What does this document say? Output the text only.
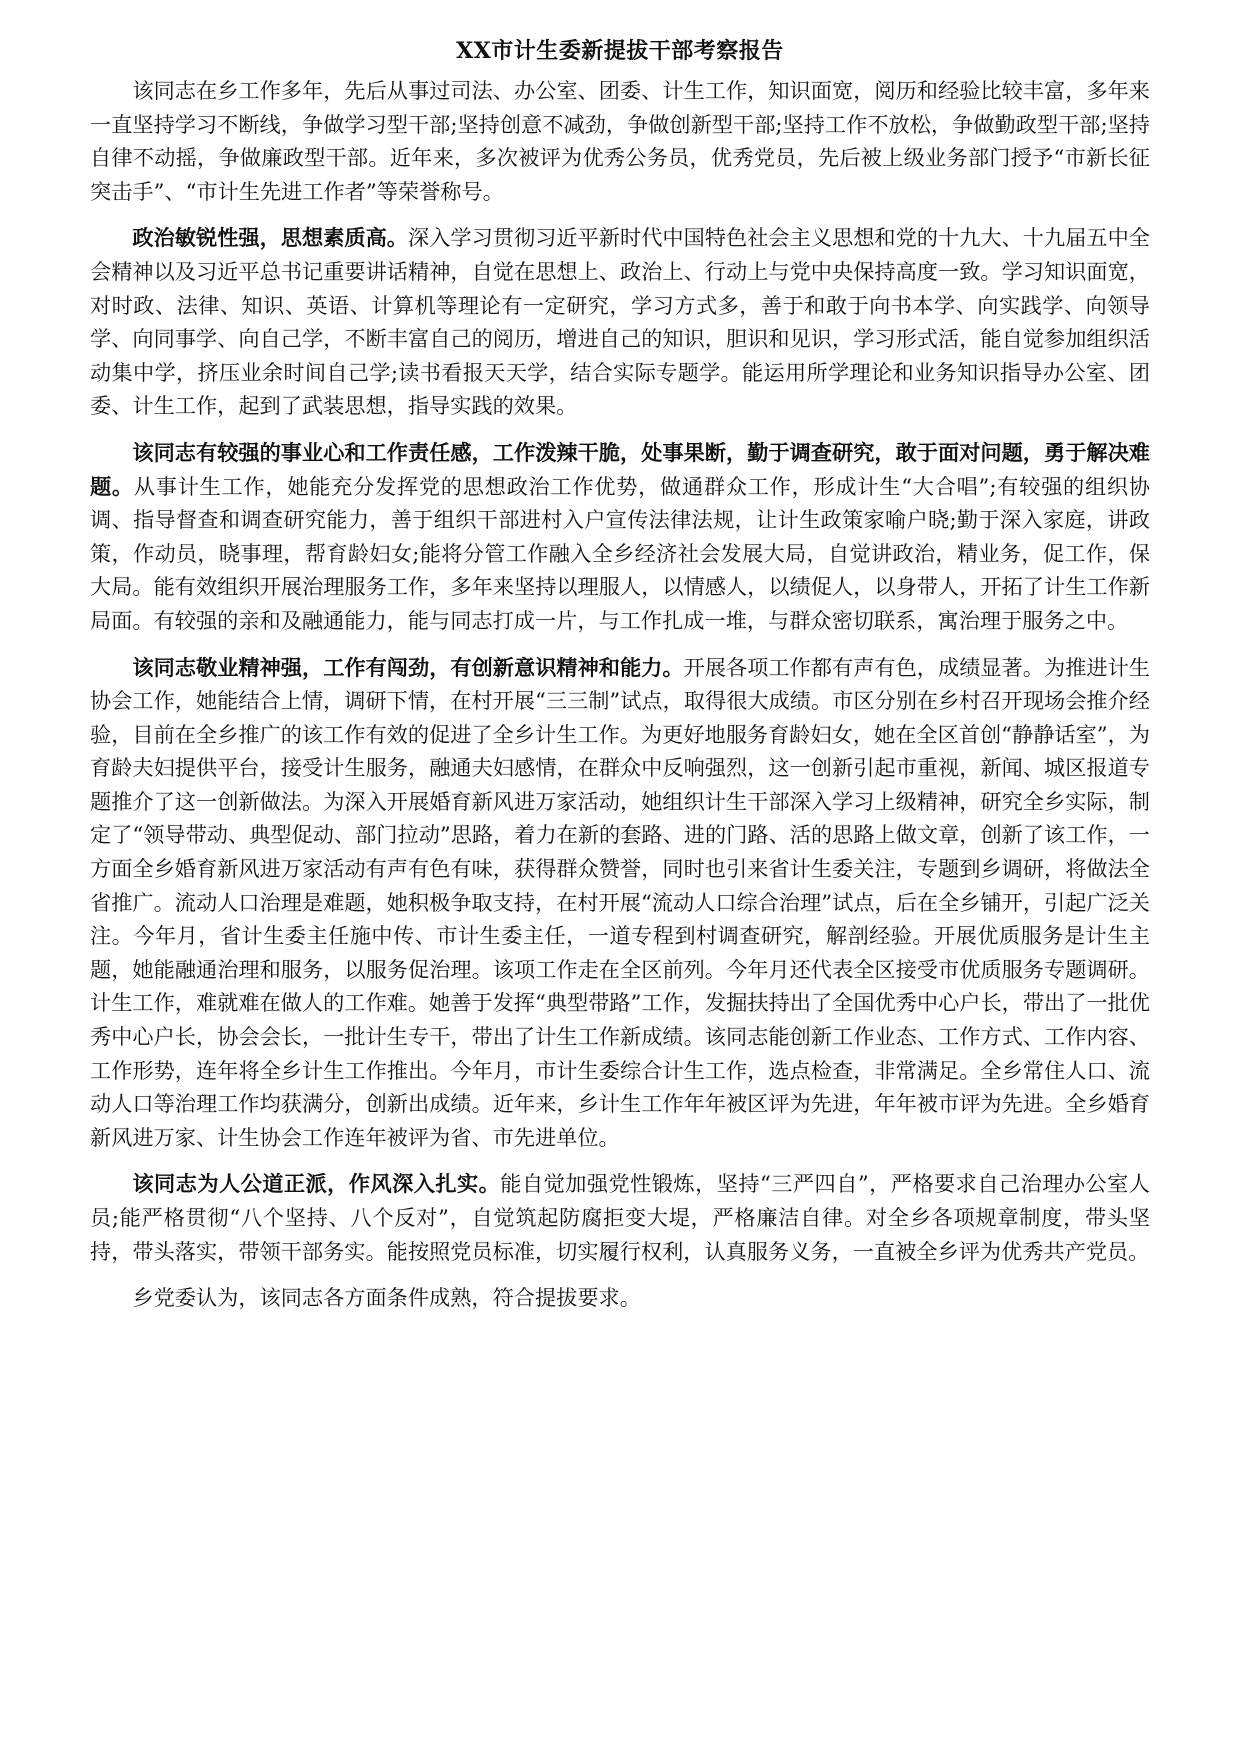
XX市计生委新提拔干部考察报告

该同志在乡工作多年，先后从事过司法、办公室、团委、计生工作，知识面宽，阅历和经验比较丰富，多年来一直坚持学习不断线，争做学习型干部;坚持创意不减劲，争做创新型干部;坚持工作不放松，争做勤政型干部;坚持自律不动摇，争做廉政型干部。近年来，多次被评为优秀公务员，优秀党员，先后被上级业务部门授予“市新长征突击手”、“市计生先进工作者”等荣誉称号。

政治敏锐性强，思想素质高。深入学习贯彻习近平新时代中国特色社会主义思想和党的十九大、十九届五中全会精神以及习近平总书记重要讲话精神，自觉在思想上、政治上、行动上与党中央保持高度一致。学习知识面宽，对时政、法律、知识、英语、计算机等理论有一定研究，学习方式多，善于和敢于向书本学、向实践学、向领导学、向同事学、向自己学，不断丰富自己的阅历，增进自己的知识，胆识和见识，学习形式活，能自觉参加组织活动集中学，挤压业余时间自己学;读书看报天天学，结合实际专题学。能运用所学理论和业务知识指导办公室、团委、计生工作，起到了武装思想，指导实践的效果。

该同志有较强的事业心和工作责任感，工作泼辣干脆，处事果断，勤于调查研究，敢于面对问题，勇于解决难题。从事计生工作，她能充分发挥党的思想政治工作优势，做通群众工作，形成计生“大合唱”;有较强的组织协调、指导督查和调查研究能力，善于组织干部进村入户宣传法律法规，让计生政策家喻户晓;勤于深入家庭，讲政策，作动员，晓事理，帮育龄妇女;能将分管工作融入全乡经济社会发展大局，自觉讲政治，精业务，促工作，保大局。能有效组织开展治理服务工作，多年来坚持以理服人，以情感人，以绩促人，以身带人，开拓了计生工作新局面。有较强的亲和及融通能力，能与同志打成一片，与工作扎成一堆，与群众密切联系，寓治理于服务之中。

该同志敬业精神强，工作有闯劲，有创新意识精神和能力。开展各项工作都有声有色，成绩显著。为推进计生协会工作，她能结合上情，调研下情，在村开展“三三制”试点，取得很大成绩。市区分别在乡村召开现场会推介经验，目前在全乡推广的该工作有效的促进了全乡计生工作。为更好地服务育龄妇女，她在全区首创“静静话室”，为育龄夫妇提供平台，接受计生服务，融通夫妇感情，在群众中反响强烈，这一创新引起市重视，新闻、城区报道专题推介了这一创新做法。为深入开展婚育新风进万家活动，她组织计生干部深入学习上级精神，研究全乡实际，制定了“领导带动、典型促动、部门拉动”思路，着力在新的套路、进的门路、活的思路上做文章，创新了该工作，一方面全乡婚育新风进万家活动有声有色有味，获得群众赞誉，同时也引来省计生委关注，专题到乡调研，将做法全省推广。流动人口治理是难题，她积极争取支持，在村开展“流动人口综合治理”试点，后在全乡铺开，引起广泛关注。今年月，省计生委主任施中传、市计生委主任，一道专程到村调查研究，解剖经验。开展优质服务是计生主题，她能融通治理和服务，以服务促治理。该项工作走在全区前列。今年月还代表全区接受市优质服务专题调研。计生工作，难就难在做人的工作难。她善于发挥“典型带路”工作，发掘扶持出了全国优秀中心户长，带出了一批优秀中心户长，协会会长，一批计生专干，带出了计生工作新成绩。该同志能创新工作业态、工作方式、工作内容、工作形势，连年将全乡计生工作推出。今年月，市计生委综合计生工作，选点检查，非常满足。全乡常住人口、流动人口等治理工作均获满分，创新出成绩。近年来，乡计生工作年年被区评为先进，年年被市评为先进。全乡婚育新风进万家、计生协会工作连年被评为省、市先进单位。

该同志为人公道正派，作风深入扎实。能自觉加强党性锻炼，坚持“三严四自”，严格要求自己治理办公室人员;能严格贯彻“八个坚持、八个反对”，自觉筑起防腐拒变大堤，严格廉洁自律。对全乡各项规章制度，带头坚持，带头落实，带领干部务实。能按照党员标准，切实履行权利，认真服务义务，一直被全乡评为优秀共产党员。

乡党委认为，该同志各方面条件成熟，符合提拔要求。
